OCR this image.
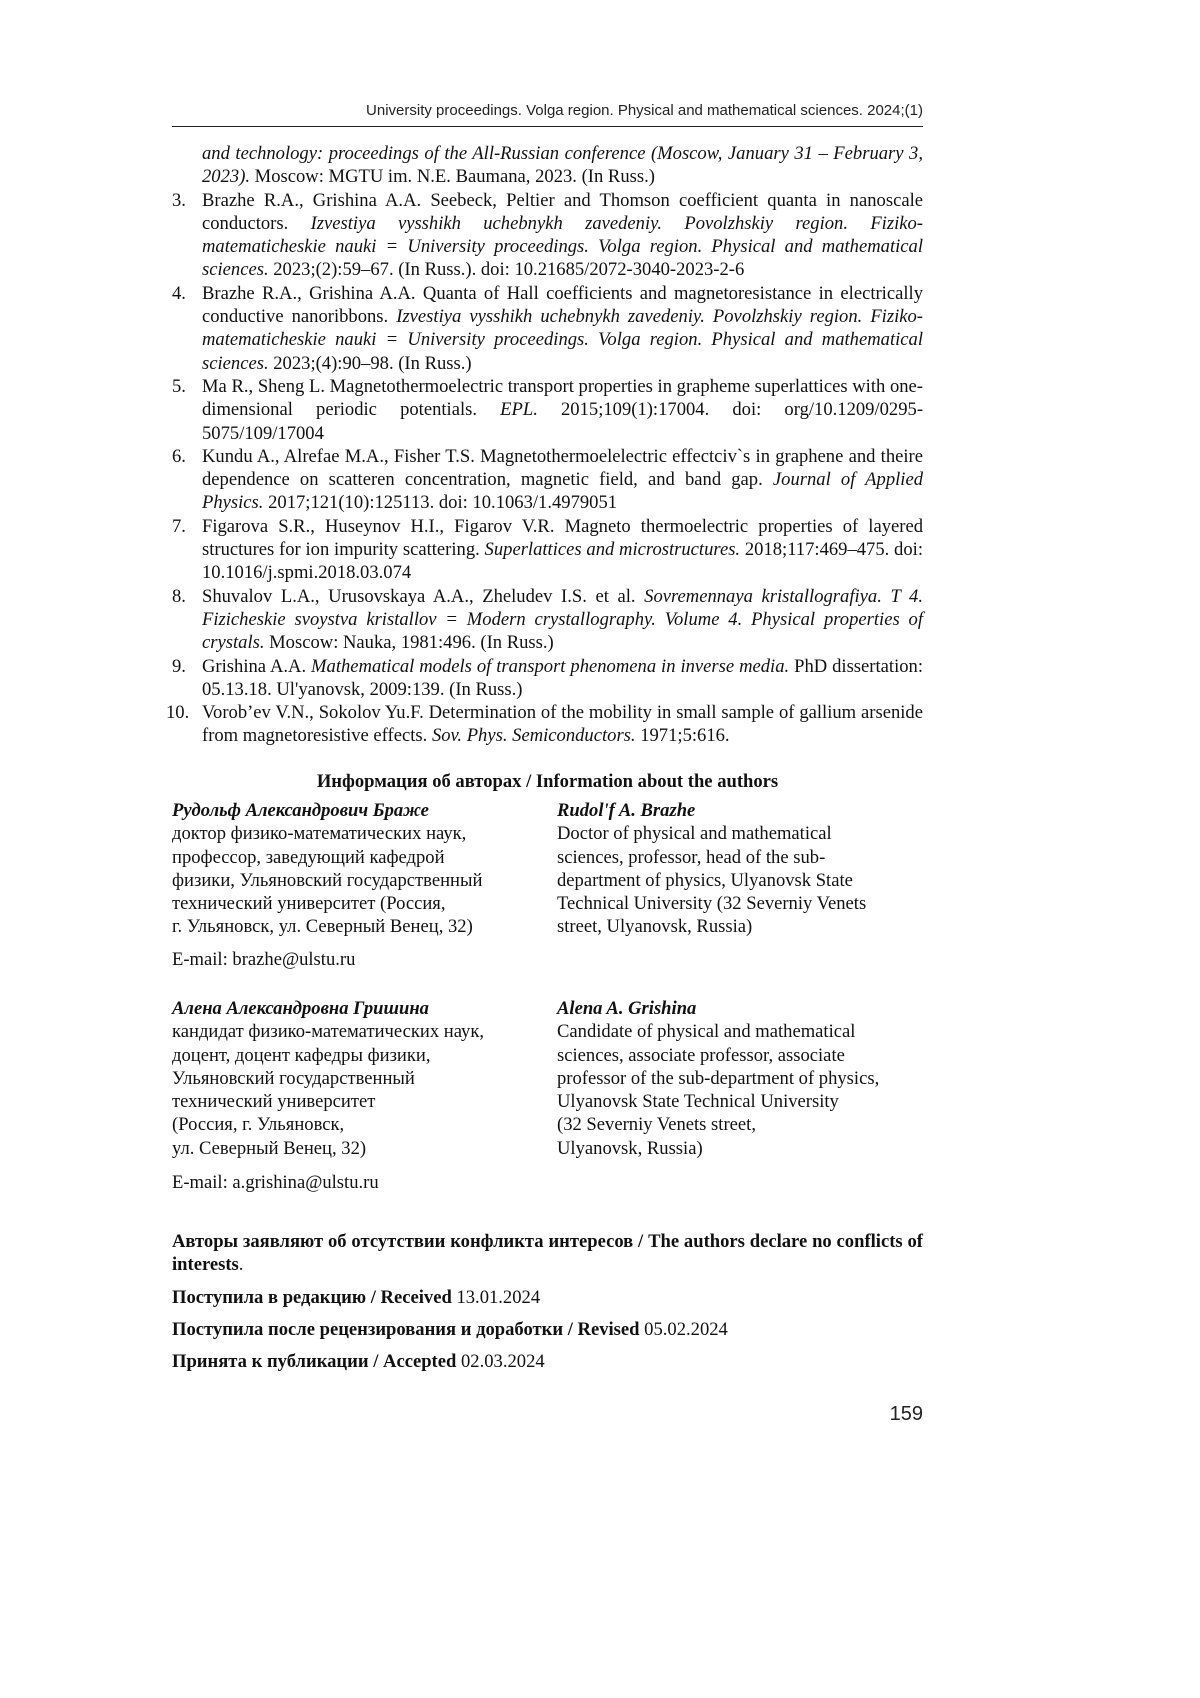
University proceedings. Volga region. Physical and mathematical sciences. 2024;(1)
and technology: proceedings of the All-Russian conference (Moscow, January 31 – February 3, 2023). Moscow: MGTU im. N.E. Baumana, 2023. (In Russ.)
3. Brazhe R.A., Grishina A.A. Seebeck, Peltier and Thomson coefficient quanta in nanoscale conductors. Izvestiya vysshikh uchebnykh zavedeniy. Povolzhskiy region. Fiziko-matematicheskie nauki = University proceedings. Volga region. Physical and mathematical sciences. 2023;(2):59–67. (In Russ.). doi: 10.21685/2072-3040-2023-2-6
4. Brazhe R.A., Grishina A.A. Quanta of Hall coefficients and magnetoresistance in electrically conductive nanoribbons. Izvestiya vysshikh uchebnykh zavedeniy. Povolzhskiy region. Fiziko-matematicheskie nauki = University proceedings. Volga region. Physical and mathematical sciences. 2023;(4):90–98. (In Russ.)
5. Ma R., Sheng L. Magnetothermoelectric transport properties in grapheme superlattices with one-dimensional periodic potentials. EPL. 2015;109(1):17004. doi: org/10.1209/0295-5075/109/17004
6. Kundu A., Alrefae M.A., Fisher T.S. Magnetothermoelelectric effectciv`s in graphene and theire dependence on scatteren concentration, magnetic field, and band gap. Journal of Applied Physics. 2017;121(10):125113. doi: 10.1063/1.4979051
7. Figarova S.R., Huseynov H.I., Figarov V.R. Magneto thermoelectric properties of layered structures for ion impurity scattering. Superlattices and microstructures. 2018;117:469–475. doi: 10.1016/j.spmi.2018.03.074
8. Shuvalov L.A., Urusovskaya A.A., Zheludev I.S. et al. Sovremennaya kristallografiya. T 4. Fizicheskie svoystva kristallov = Modern crystallography. Volume 4. Physical properties of crystals. Moscow: Nauka, 1981:496. (In Russ.)
9. Grishina A.A. Mathematical models of transport phenomena in inverse media. PhD dissertation: 05.13.18. Ul'yanovsk, 2009:139. (In Russ.)
10. Vorob’ev V.N., Sokolov Yu.F. Determination of the mobility in small sample of gallium arsenide from magnetoresistive effects. Sov. Phys. Semiconductors. 1971;5:616.
Информация об авторах / Information about the authors
Рудольф Александрович Браже
доктор физико-математических наук,
профессор, заведующий кафедрой
физики, Ульяновский государственный
технический университет (Россия,
г. Ульяновск, ул. Северный Венец, 32)
Rudol'f A. Brazhe
Doctor of physical and mathematical
sciences, professor, head of the sub-
department of physics, Ulyanovsk State
Technical University (32 Severniy Venets
street, Ulyanovsk, Russia)
E-mail: brazhe@ulstu.ru
Алена Александровна Гришина
кандидат физико-математических наук,
доцент, доцент кафедры физики,
Ульяновский государственный
технический университет
(Россия, г. Ульяновск,
ул. Северный Венец, 32)
Alena A. Grishina
Candidate of physical and mathematical
sciences, associate professor, associate
professor of the sub-department of physics,
Ulyanovsk State Technical University
(32 Severniy Venets street,
Ulyanovsk, Russia)
E-mail: a.grishina@ulstu.ru
Авторы заявляют об отсутствии конфликта интересов / The authors declare no conflicts of interests.
Поступила в редакцию / Received 13.01.2024
Поступила после рецензирования и доработки / Revised 05.02.2024
Принята к публикации / Accepted 02.03.2024
159
